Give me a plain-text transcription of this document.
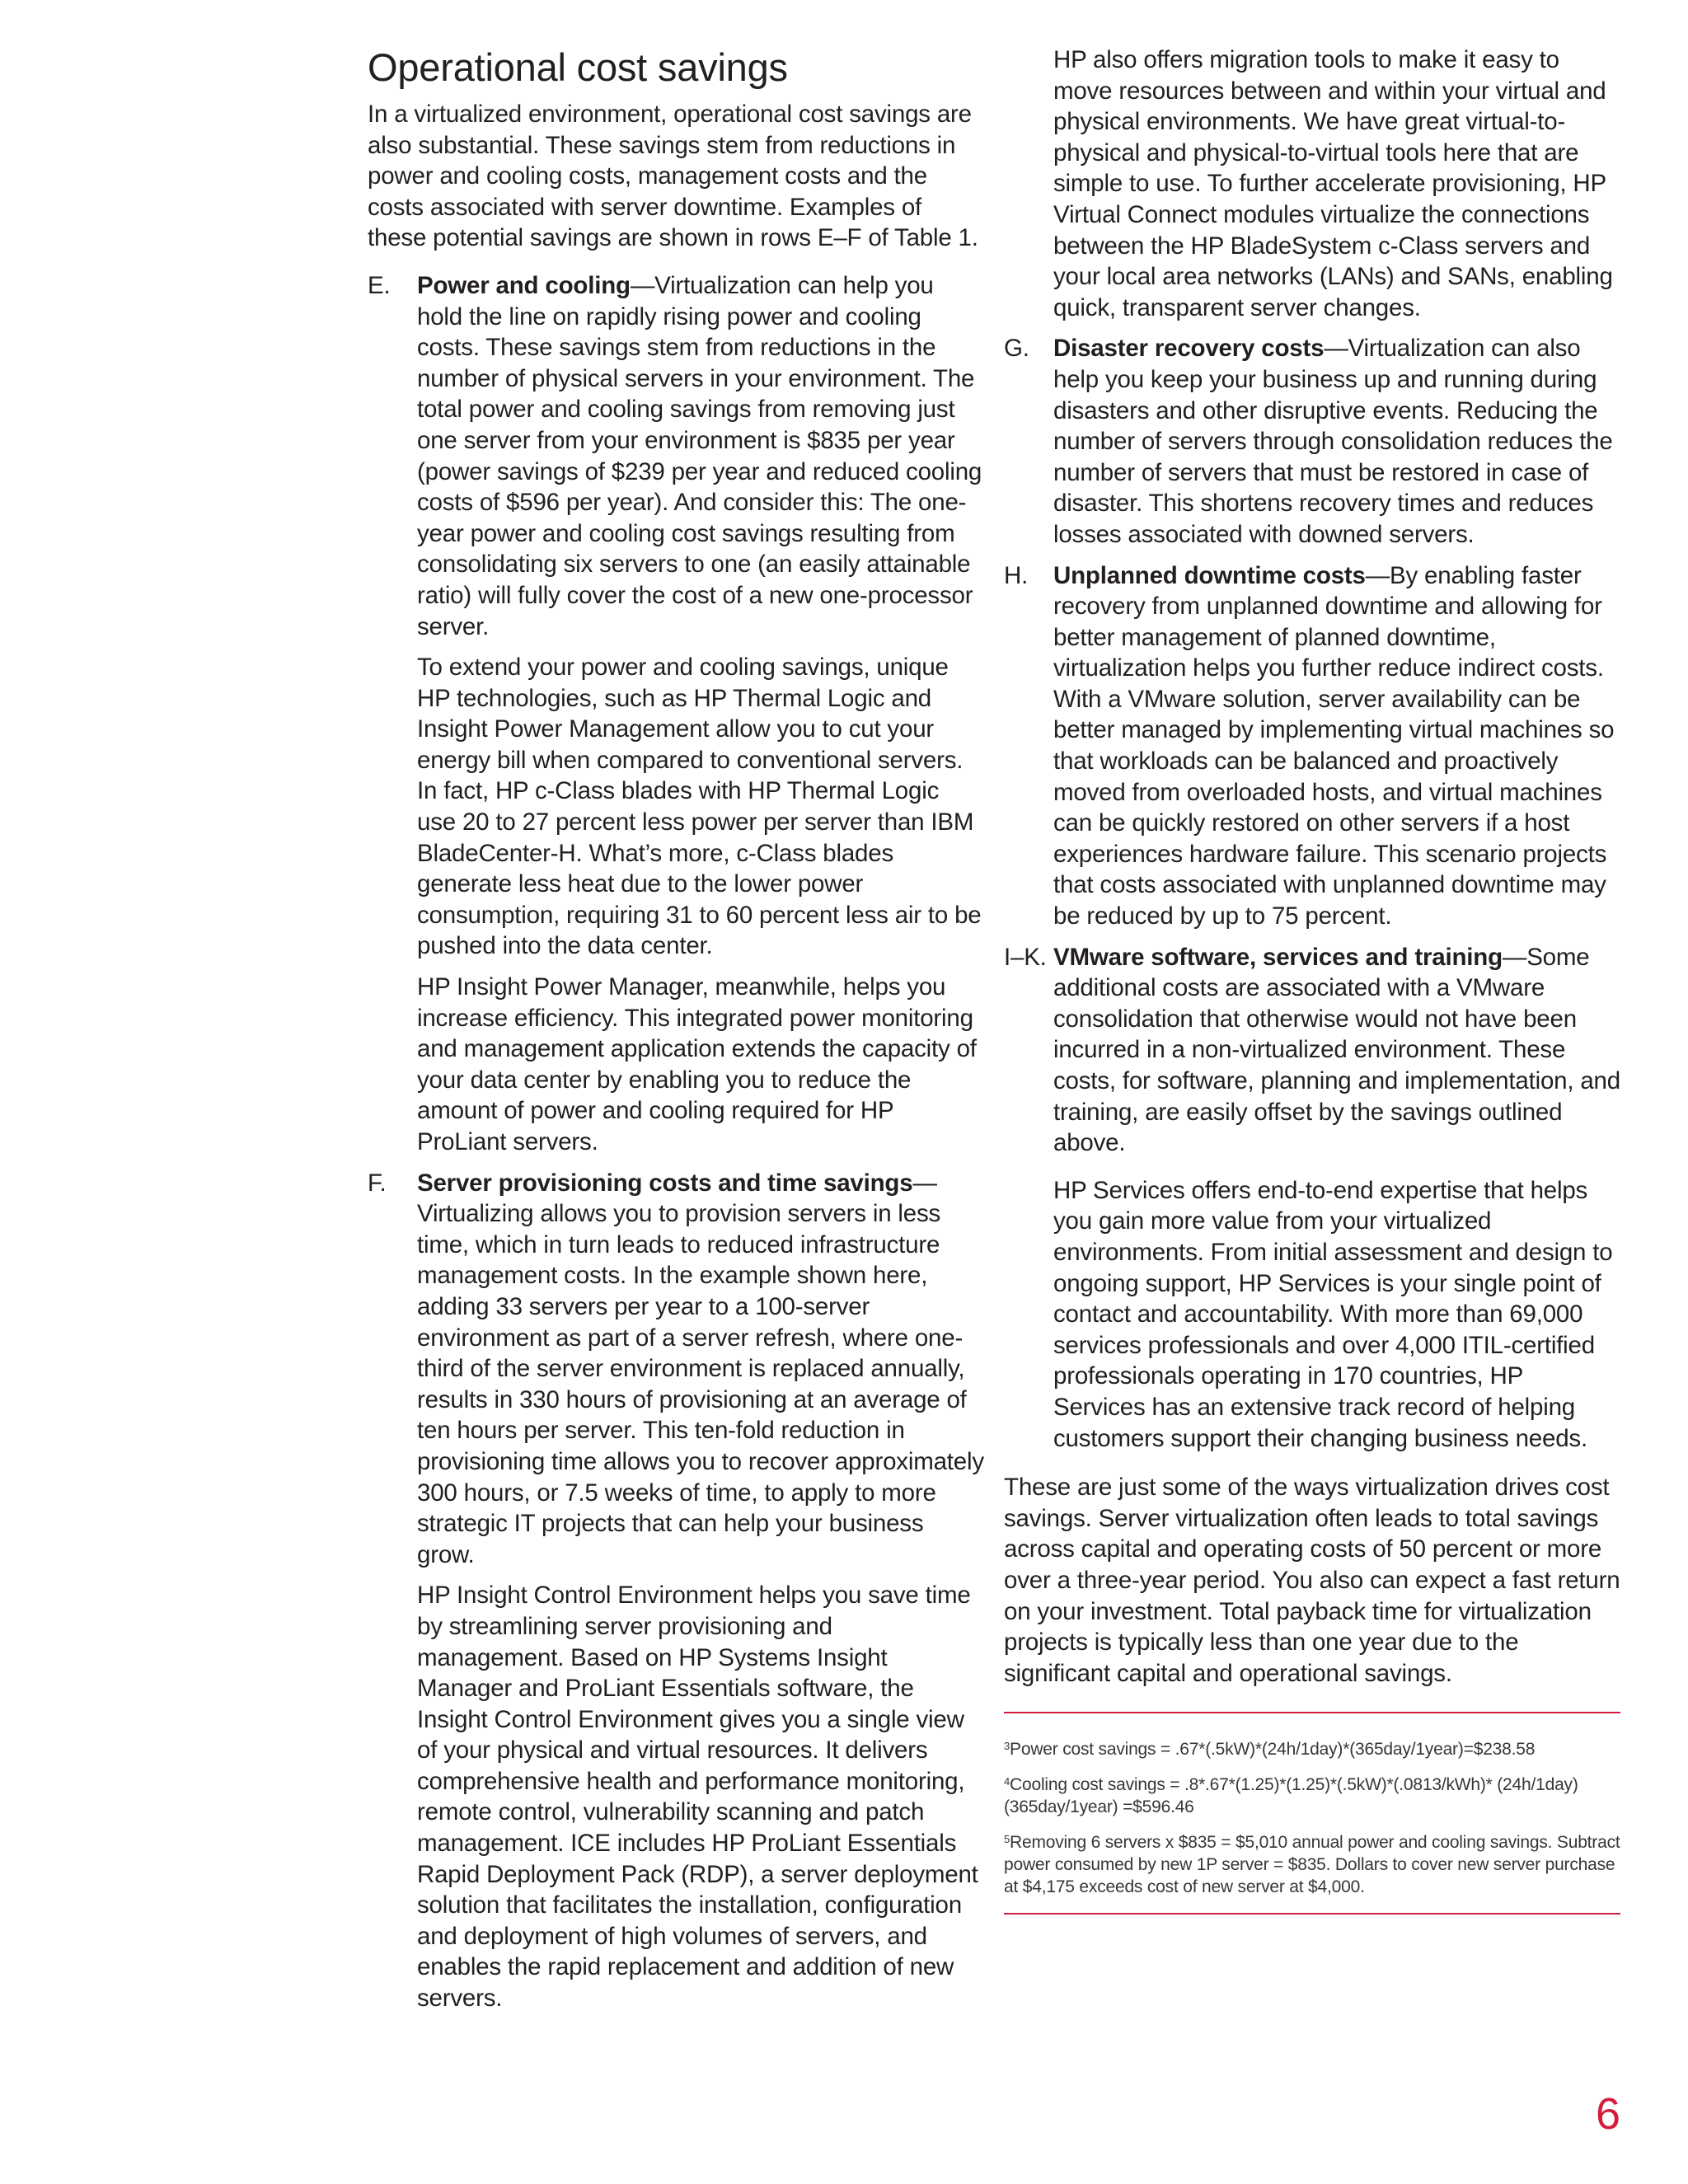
Operational cost savings

In a virtualized environment, operational cost savings are also substantial. These savings stem from reductions in power and cooling costs, management costs and the costs associated with server downtime. Examples of these potential savings are shown in rows E–F of Table 1.

E.	Power and cooling—Virtualization can help you hold the line on rapidly rising power and cooling costs. These savings stem from reductions in the number of physical servers in your environment. The total power and cooling savings from removing just one server from your environment is $835 per year (power savings of $239 per year and reduced cooling costs of $596 per year). And consider this: The one-year power and cooling cost savings resulting from consolidating six servers to one (an easily attainable ratio) will fully cover the cost of a new one-processor server.

To extend your power and cooling savings, unique HP technologies, such as HP Thermal Logic and Insight Power Management allow you to cut your energy bill when compared to conventional servers. In fact, HP c-Class blades with HP Thermal Logic use 20 to 27 percent less power per server than IBM BladeCenter-H. What’s more, c-Class blades generate less heat due to the lower power consumption, requiring 31 to 60 percent less air to be pushed into the data center.

HP Insight Power Manager, meanwhile, helps you increase efficiency. This integrated power monitoring and management application extends the capacity of your data center by enabling you to reduce the amount of power and cooling required for HP ProLiant servers.

F.	Server provisioning costs and time savings— Virtualizing allows you to provision servers in less time, which in turn leads to reduced infrastructure management costs. In the example shown here, adding 33 servers per year to a 100-server environment as part of a server refresh, where one-third of the server environment is replaced annually, results in 330 hours of provisioning at an average of ten hours per server. This ten-fold reduction in provisioning time allows you to recover approximately 300 hours, or 7.5 weeks of time, to apply to more strategic IT projects that can help your business grow.

HP Insight Control Environment helps you save time by streamlining server provisioning and management. Based on HP Systems Insight Manager and ProLiant Essentials software, the Insight Control Environment gives you a single view of your physical and virtual resources. It delivers comprehensive health and performance monitoring, remote control, vulnerability scanning and patch management. ICE includes HP ProLiant Essentials Rapid Deployment Pack (RDP), a server deployment solution that facilitates the installation, configuration and deployment of high volumes of servers, and enables the rapid replacement and addition of new servers.

HP also offers migration tools to make it easy to move resources between and within your virtual and physical environments. We have great virtual-to-physical and physical-to-virtual tools here that are simple to use. To further accelerate provisioning, HP Virtual Connect modules virtualize the connections between the HP BladeSystem c-Class servers and your local area networks (LANs) and SANs, enabling quick, transparent server changes.

G. Disaster recovery costs—Virtualization can also help you keep your business up and running during disasters and other disruptive events. Reducing the number of servers through consolidation reduces the number of servers that must be restored in case of disaster. This shortens recovery times and reduces losses associated with downed servers.

H.	Unplanned downtime costs—By enabling faster recovery from unplanned downtime and allowing for better management of planned downtime, virtualization helps you further reduce indirect costs. With a VMware solution, server availability can be better managed by implementing virtual machines so that workloads can be balanced and proactively moved from overloaded hosts, and virtual machines can be quickly restored on other servers if a host experiences hardware failure. This scenario projects that costs associated with unplanned downtime may be reduced by up to 75 percent.

I–K. VMware software, services and training—Some additional costs are associated with a VMware consolidation that otherwise would not have been incurred in a non-virtualized environment. These costs, for software, planning and implementation, and training, are easily offset by the savings outlined above.

HP Services offers end-to-end expertise that helps you gain more value from your virtualized environments. From initial assessment and design to ongoing support, HP Services is your single point of contact and accountability. With more than 69,000 services professionals and over 4,000 ITIL-certified professionals operating in 170 countries, HP Services has an extensive track record of helping customers support their changing business needs.

These are just some of the ways virtualization drives cost savings. Server virtualization often leads to total savings across capital and operating costs of 50 percent or more over a three-year period. You also can expect a fast return on your investment. Total payback time for virtualization projects is typically less than one year due to the significant capital and operational savings.

$^3$Power cost savings = .67*(.5kW)*(24h/1day)*(365day/1year)=$238.58

$^4$Cooling cost savings = .8*.67*(1.25)*(1.25)*(.5kW)*(.0813/kWh)* (24h/1day)(365day/1year) =$596.46

$^5$Removing 6 servers x $835 = $5,010 annual power and cooling savings. Subtract power consumed by new 1P server = $835. Dollars to cover new server purchase at $4,175 exceeds cost of new server at $4,000.

6
